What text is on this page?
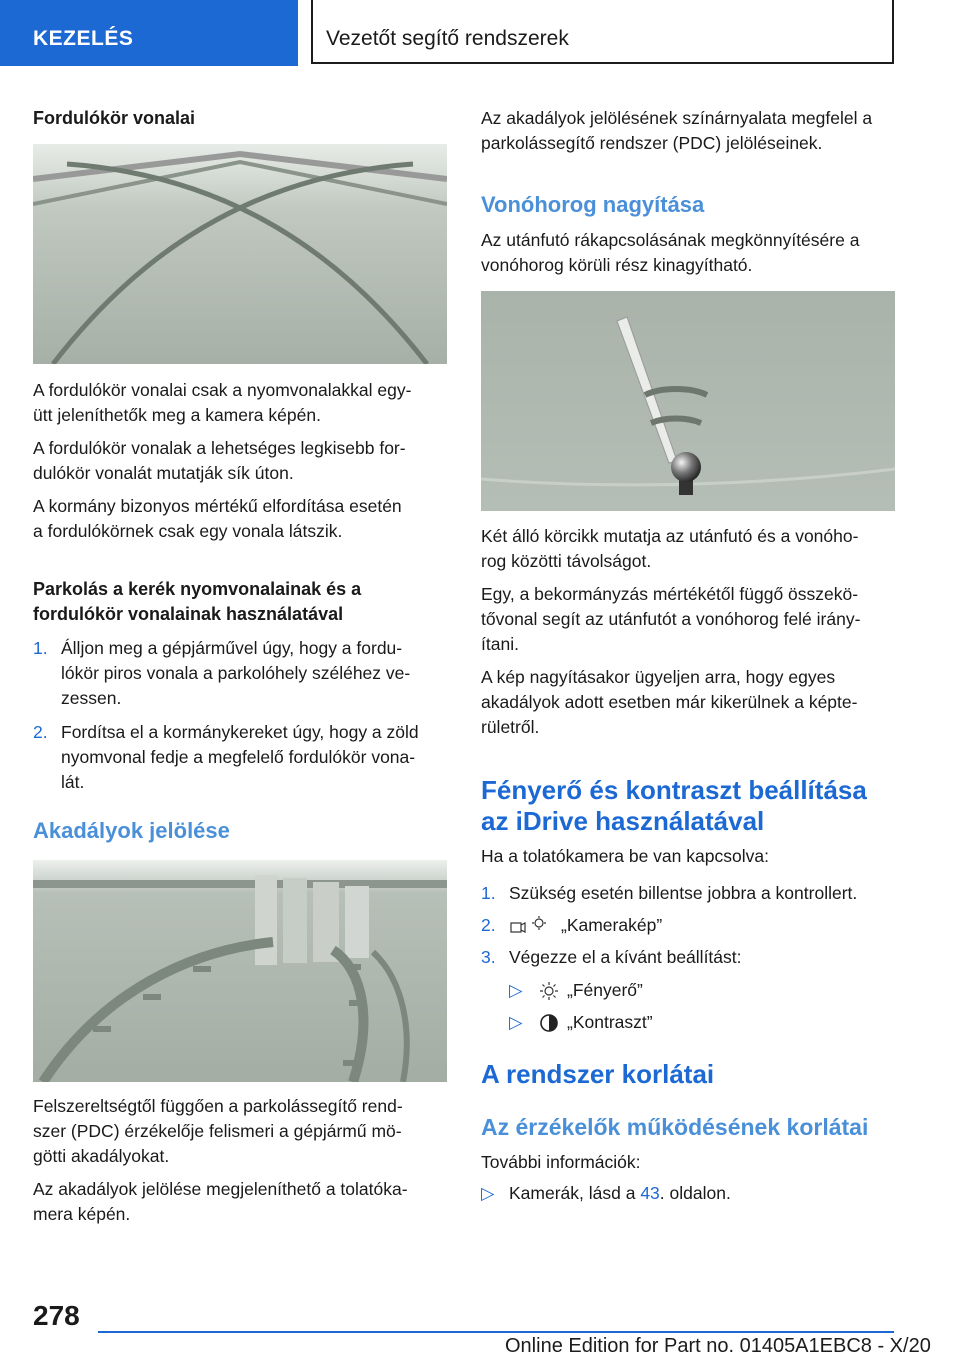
KEZELÉS	Vezetőt segítő rendszerek
Fordulókör vonalai
A fordulókör vonalai csak a nyomvonalakkal egy-
ütt jeleníthetők meg a kamera képén.
A fordulókör vonalak a lehetséges legkisebb for-
dulókör vonalát mutatják sík úton.
A kormány bizonyos mértékű elfordítása esetén
a fordulókörnek csak egy vonala látszik.
Parkolás a kerék nyomvonalainak és a
fordulókör vonalainak használatával
1. Álljon meg a gépjárművel úgy, hogy a fordu-
lókör piros vonala a parkolóhely széléhez ve-
zessen.
2. Fordítsa el a kormánykereket úgy, hogy a zöld
nyomvonal fedje a megfelelő fordulókör vona-
lát.
Akadályok jelölése
Felszereltségtől függően a parkolássegítő rend-
szer (PDC) érzékelője felismeri a gépjármű mö-
götti akadályokat.
Az akadályok jelölése megjeleníthető a tolatóka-
mera képén.
Az akadályok jelölésének színárnyalata megfelel a
parkolássegítő rendszer (PDC) jelöléseinek.
Vonóhorog nagyítása
Az utánfutó rákapcsolásának megkönnyítésére a
vonóhorog körüli rész kinagyítható.
Két álló körcikk mutatja az utánfutó és a vonóho-
rog közötti távolságot.
Egy, a bekormányzás mértékétől függő összekö-
tővonal segít az utánfutót a vonóhorog felé irány-
ítani.
A kép nagyításakor ügyeljen arra, hogy egyes
akadályok adott esetben már kikerülnek a képte-
rületről.
Fényerő és kontraszt beállítása
az iDrive használatával
Ha a tolatókamera be van kapcsolva:
1. Szükség esetén billentse jobbra a kontrollert.
2.	„Kamerakép”
3. Végezze el a kívánt beállítást:
▷	„Fényerő”
▷	„Kontraszt”
A rendszer korlátai
Az érzékelők működésének korlátai
További információk:
▷ Kamerák, lásd a 43. oldalon.
278
Online Edition for Part no. 01405A1EBC8 - X/20
